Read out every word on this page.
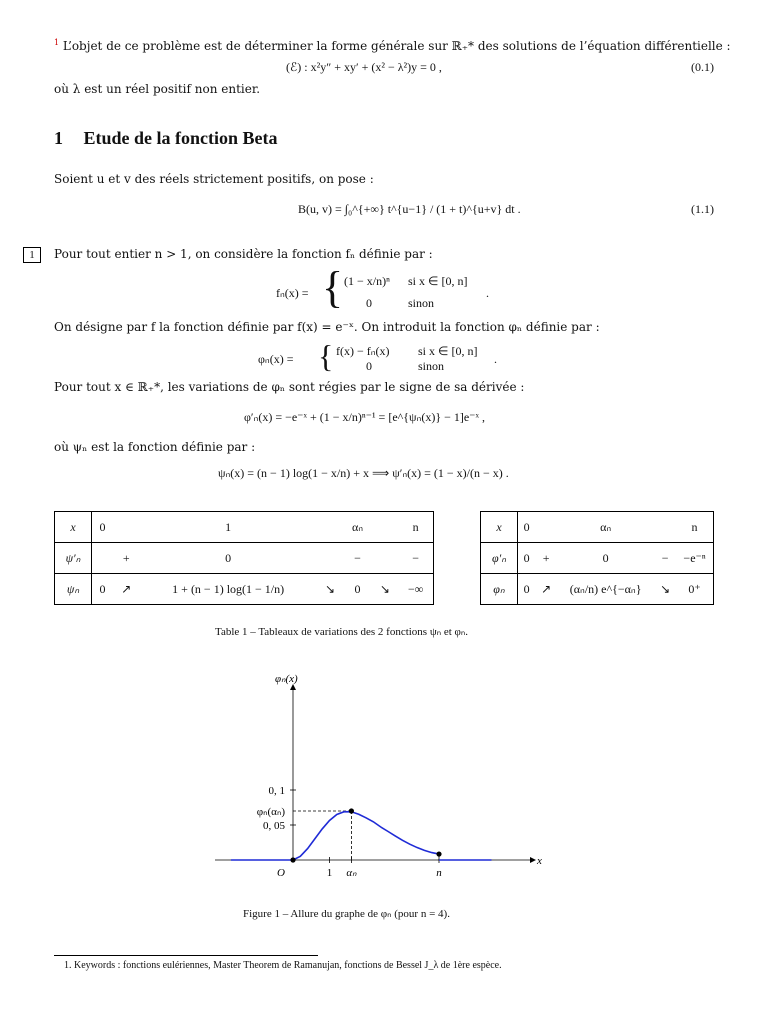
$^1$ L’objet de ce problème est de déterminer la forme générale sur ℝ₊* des solutions de l’équation différentielle :
(ℰ) : x²y″ + xy′ + (x² − λ²)y = 0 ,	(0.1)
où λ est un réel positif non entier.
1 Etude de la fonction Beta
Soient u et v des réels strictement positifs, on pose :
B(u, v) = ∫₀^{+∞} t^{u−1} / (1 + t)^{u+v} dt .	(1.1)
1	Pour tout entier n > 1, on considère la fonction fₙ définie par :
fₙ(x) = { (1 − x/n)ⁿ si x ∈ [0, n]
0	sinon
.
On désigne par f la fonction définie par f(x) = e⁻ˣ. On introduit la fonction φₙ définie par :
φₙ(x) = { f(x) − fₙ(x) si x ∈ [0, n]
0	sinon	.
Pour tout x ∈ ℝ₊*, les variations de φₙ sont régies par le signe de sa dérivée :
φ′ₙ(x) = −e⁻ˣ + (1 − x/n)ⁿ⁻¹ = [e^{ψₙ(x)} − 1]e⁻ˣ ,
où ψₙ est la fonction définie par :
ψₙ(x) = (n − 1) log(1 − x/n) + x ⟹ ψ′ₙ(x) = (1 − x)/(n − x) .
x	0		1		αₙ		n
ψ′ₙ		+	0		−		−
ψₙ	0	↗	1 + (n − 1) log(1 − 1/n)	↘	0	↘	−∞
x	0		αₙ		n
φ′ₙ	0	+	0	−	−e⁻ⁿ
φₙ	0	↗	(αₙ/n) e^{−αₙ}	↘	0⁺
Table 1 – Tableaux de variations des 2 fonctions ψₙ et φₙ.
x
φₙ(x)
0, 05
0, 1
φₙ(αₙ)
O	1 αₙ	n
Figure 1 – Allure du graphe de φₙ (pour n = 4).
1. Keywords : fonctions eulériennes, Master Theorem de Ramanujan, fonctions de Bessel J_λ de 1ère espèce.
